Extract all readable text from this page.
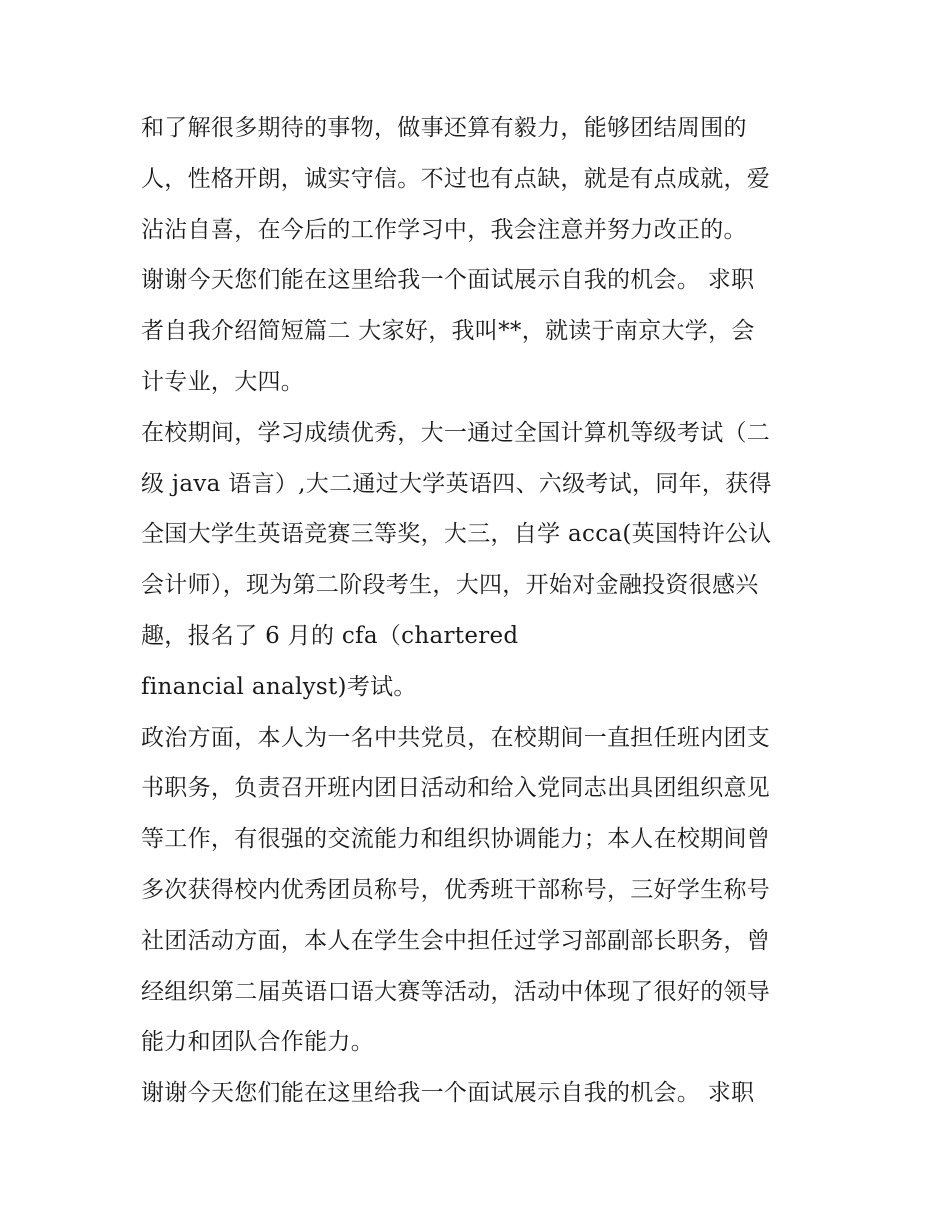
和了解很多期待的事物，做事还算有毅力，能够团结周围的
人，性格开朗，诚实守信。不过也有点缺，就是有点成就，爱
沾沾自喜，在今后的工作学习中，我会注意并努力改正的。
谢谢今天您们能在这里给我一个面试展示自我的机会。 求职
者自我介绍简短篇二 大家好，我叫**，就读于南京大学，会
计专业，大四。
在校期间，学习成绩优秀，大一通过全国计算机等级考试（二
级 java 语言）,大二通过大学英语四、六级考试，同年，获得
全国大学生英语竞赛三等奖，大三，自学 acca(英国特许公认
会计师），现为第二阶段考生，大四，开始对金融投资很感兴
趣，报名了 6 月的 cfa（chartered
financial analyst)考试。
政治方面，本人为一名中共党员，在校期间一直担任班内团支
书职务，负责召开班内团日活动和给入党同志出具团组织意见
等工作，有很强的交流能力和组织协调能力；本人在校期间曾
多次获得校内优秀团员称号，优秀班干部称号，三好学生称号
社团活动方面，本人在学生会中担任过学习部副部长职务，曾
经组织第二届英语口语大赛等活动，活动中体现了很好的领导
能力和团队合作能力。
谢谢今天您们能在这里给我一个面试展示自我的机会。 求职
